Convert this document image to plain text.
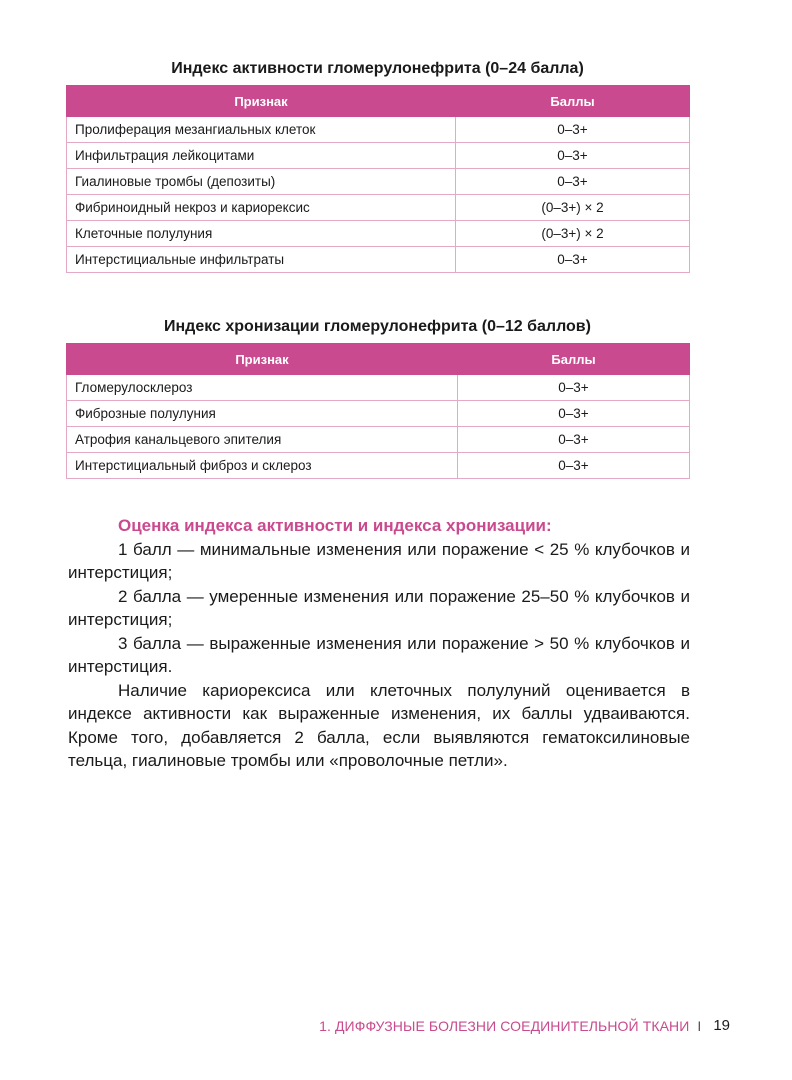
Индекс активности гломерулонефрита (0–24 балла)
Признак	Баллы
Пролиферация мезангиальных клеток	0–3+
Инфильтрация лейкоцитами	0–3+
Гиалиновые тромбы (депозиты)	0–3+
Фибриноидный некроз и кариорексис	(0–3+) × 2
Клеточные полулуния	(0–3+) × 2
Интерстициальные инфильтраты	0–3+
Индекс хронизации гломерулонефрита (0–12 баллов)
Признак	Баллы
Гломерулосклероз	0–3+
Фиброзные полулуния	0–3+
Атрофия канальцевого эпителия	0–3+
Интерстициальный фиброз и склероз	0–3+

Оценка индекса активности и индекса хронизации:

1 балл — минимальные изменения или поражение < 25 % клубочков и интерстиция;

2 балла — умеренные изменения или поражение 25–50 % клубочков и интерстиция;

3 балла — выраженные изменения или поражение > 50 % клубочков и интерстиция.

Наличие кариорексиса или клеточных полулуний оценивается в индексе активности как выраженные изменения, их баллы удваиваются. Кроме того, добавляется 2 балла, если выявляются гематоксилиновые тельца, гиалиновые тромбы или «проволочные петли».

1. ДИФФУЗНЫЕ БОЛЕЗНИ СОЕДИНИТЕЛЬНОЙ ТКАНИ I 19
